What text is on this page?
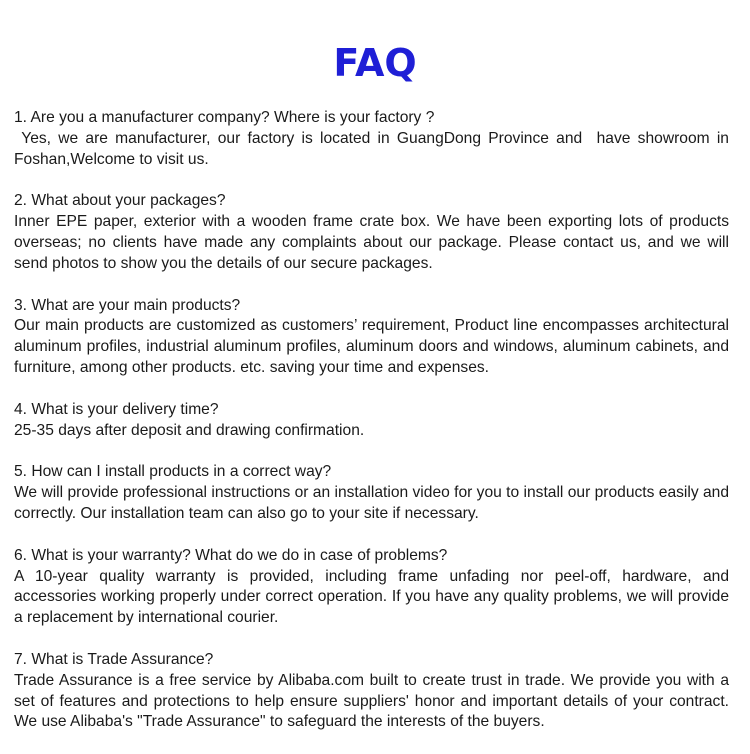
FAQ

1. Are you a manufacturer company? Where is your factory ?

Yes, we are manufacturer, our factory is located in GuangDong Province and  have showroom in Foshan,Welcome to visit us.

2. What about your packages?

Inner EPE paper, exterior with a wooden frame crate box. We have been exporting lots of products overseas; no clients have made any complaints about our package. Please contact us, and we will send photos to show you the details of our secure packages.

3. What are your main products?

Our main products are customized as customers’ requirement, Product line encompasses architectural aluminum profiles, industrial aluminum profiles, aluminum doors and windows, aluminum cabinets, and furniture, among other products. etc. saving your time and expenses.

4. What is your delivery time?

25-35 days after deposit and drawing confirmation.

5. How can I install products in a correct way?

We will provide professional instructions or an installation video for you to install our products easily and correctly. Our installation team can also go to your site if necessary.

6. What is your warranty? What do we do in case of problems?

A 10-year quality warranty is provided, including frame unfading nor peel-off, hardware, and accessories working properly under correct operation. If you have any quality problems, we will provide a replacement by international courier.

7. What is Trade Assurance?

Trade Assurance is a free service by Alibaba.com built to create trust in trade. We provide you with a set of features and protections to help ensure suppliers' honor and important details of your contract. We use Alibaba's "Trade Assurance" to safeguard the interests of the buyers.
